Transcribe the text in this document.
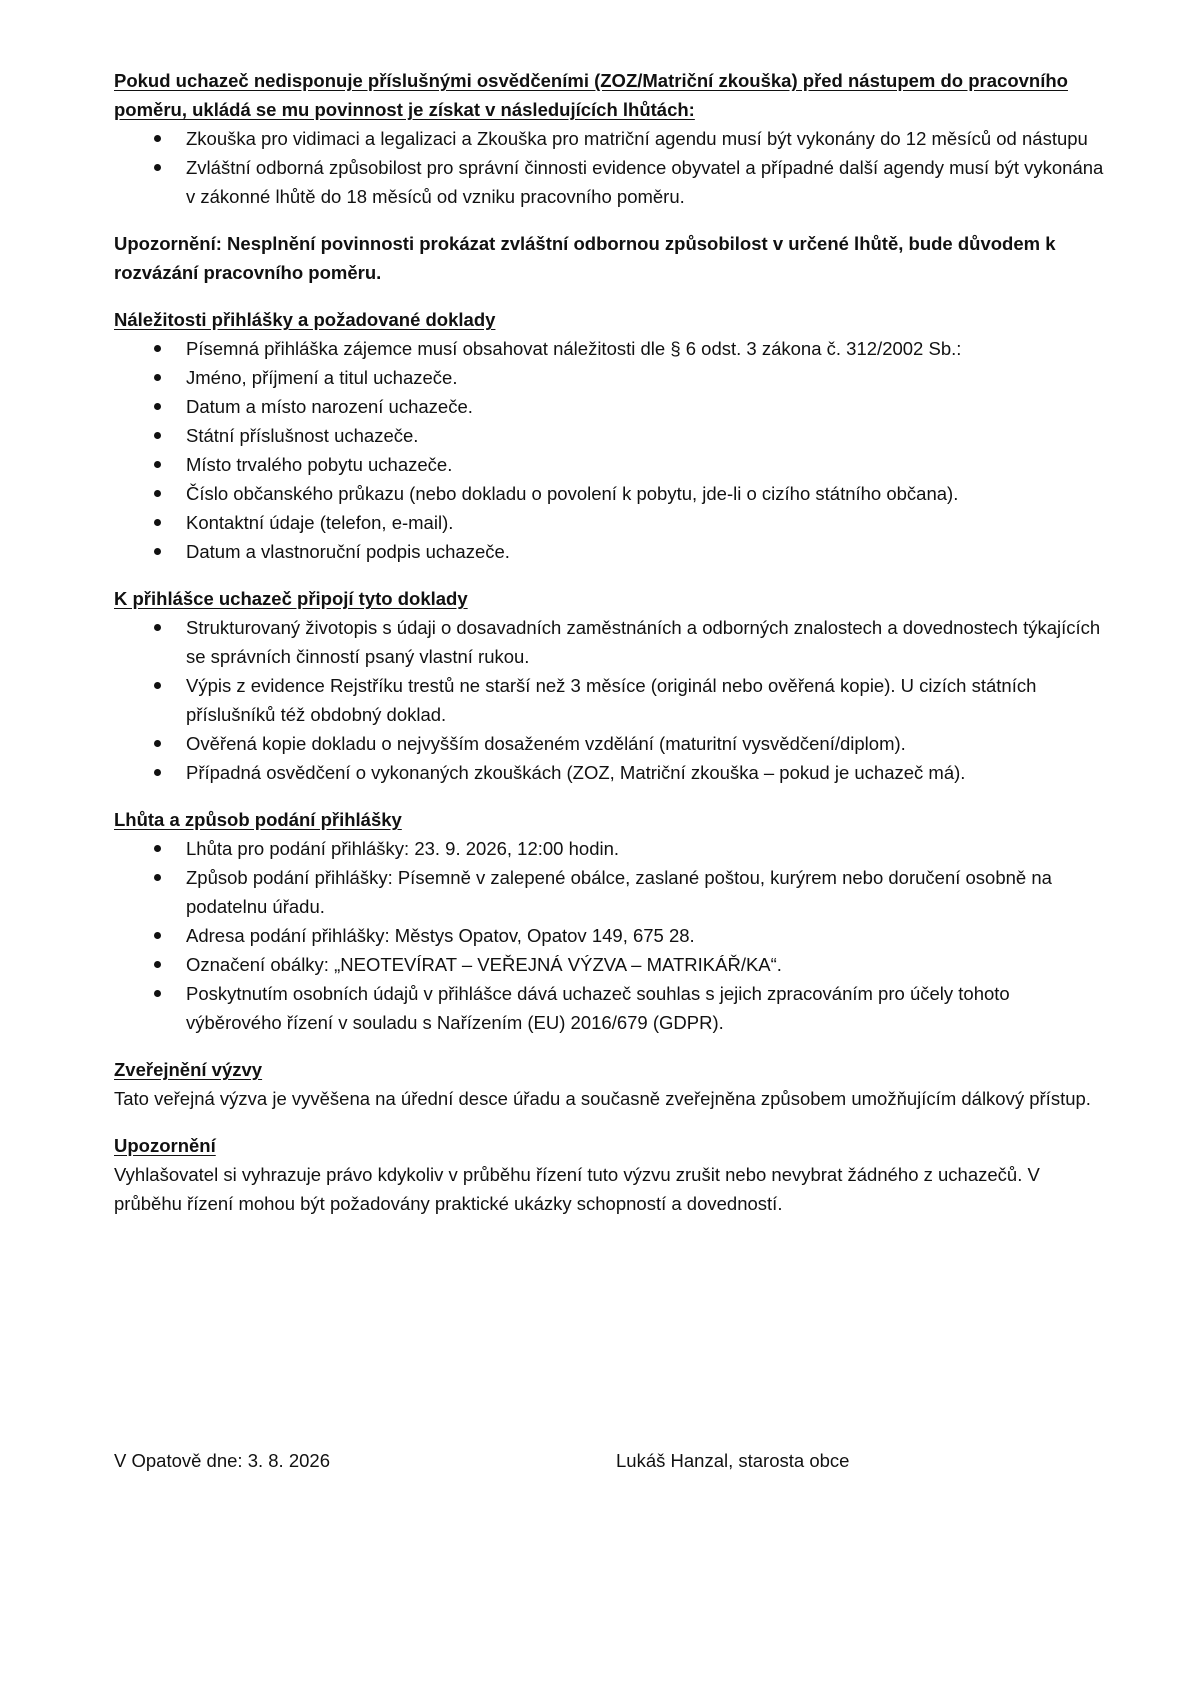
Pokud uchazeč nedisponuje příslušnými osvědčeními (ZOZ/Matriční zkouška) před nástupem do pracovního poměru, ukládá se mu povinnost je získat v následujících lhůtách:

Zkouška pro vidimaci a legalizaci a Zkouška pro matriční agendu musí být vykonány do 12 měsíců od nástupu
Zvláštní odborná způsobilost pro správní činnosti evidence obyvatel a případné další agendy musí být vykonána v zákonné lhůtě do 18 měsíců od vzniku pracovního poměru.

Upozornění: Nesplnění povinnosti prokázat zvláštní odbornou způsobilost v určené lhůtě, bude důvodem k rozvázání pracovního poměru.

Náležitosti přihlášky a požadované doklady

Písemná přihláška zájemce musí obsahovat náležitosti dle § 6 odst. 3 zákona č. 312/2002 Sb.:
Jméno, příjmení a titul uchazeče.
Datum a místo narození uchazeče.
Státní příslušnost uchazeče.
Místo trvalého pobytu uchazeče.
Číslo občanského průkazu (nebo dokladu o povolení k pobytu, jde-li o cizího státního občana).
Kontaktní údaje (telefon, e-mail).
Datum a vlastnoruční podpis uchazeče.

K přihlášce uchazeč připojí tyto doklady

Strukturovaný životopis s údaji o dosavadních zaměstnáních a odborných znalostech a dovednostech týkajících se správních činností psaný vlastní rukou.
Výpis z evidence Rejstříku trestů ne starší než 3 měsíce (originál nebo ověřená kopie). U cizích státních příslušníků též obdobný doklad.
Ověřená kopie dokladu o nejvyšším dosaženém vzdělání (maturitní vysvědčení/diplom).
Případná osvědčení o vykonaných zkouškách (ZOZ, Matriční zkouška – pokud je uchazeč má).

Lhůta a způsob podání přihlášky

Lhůta pro podání přihlášky: 23. 9. 2026, 12:00 hodin.
Způsob podání přihlášky: Písemně v zalepené obálce, zaslané poštou, kurýrem nebo doručení osobně na podatelnu úřadu.
Adresa podání přihlášky: Městys Opatov, Opatov 149, 675 28.
Označení obálky: „NEOTEVÍRAT – VEŘEJNÁ VÝZVA – MATRIKÁŘ/KA“.
Poskytnutím osobních údajů v přihlášce dává uchazeč souhlas s jejich zpracováním pro účely tohoto výběrového řízení v souladu s Nařízením (EU) 2016/679 (GDPR).

Zveřejnění výzvy

Tato veřejná výzva je vyvěšena na úřední desce úřadu a současně zveřejněna způsobem umožňujícím dálkový přístup.

Upozornění

Vyhlašovatel si vyhrazuje právo kdykoliv v průběhu řízení tuto výzvu zrušit nebo nevybrat žádného z uchazečů. V průběhu řízení mohou být požadovány praktické ukázky schopností a dovedností.

V Opatově dne: 3. 8. 2026	Lukáš Hanzal, starosta obce
